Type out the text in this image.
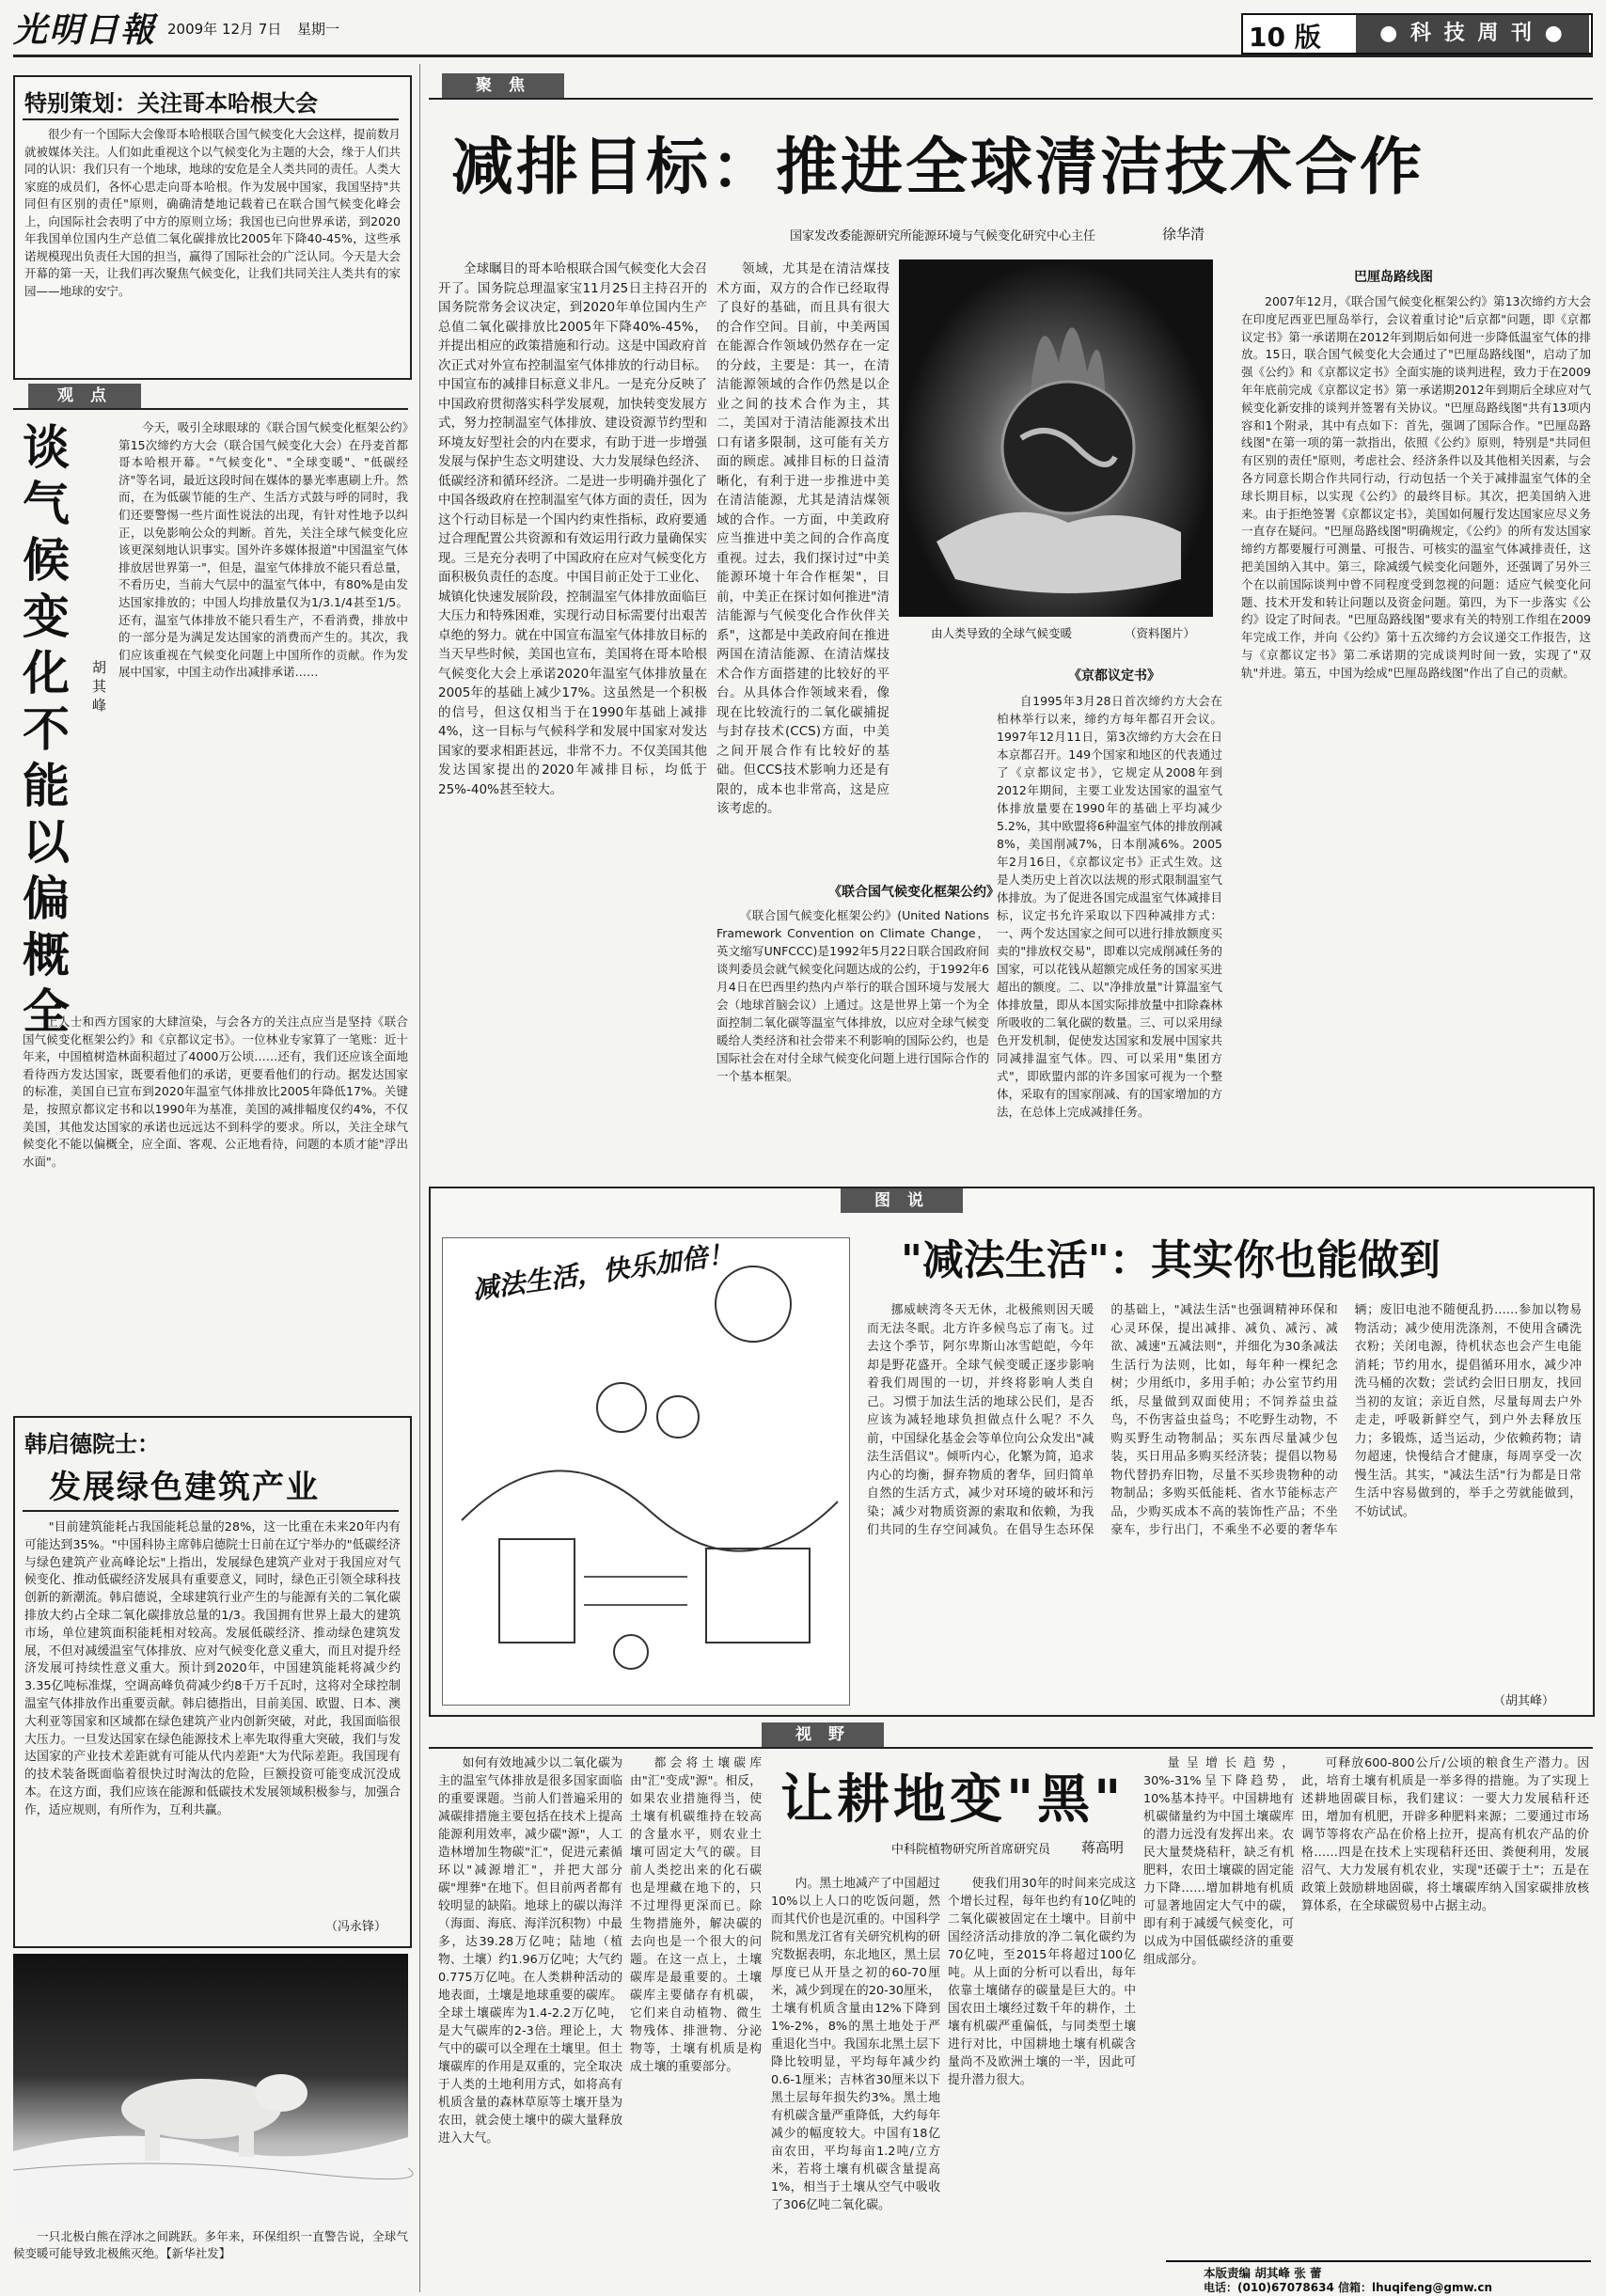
光明日報 2009年 12月 7日 星期一	10 版	● 科 技 周 刊 ●
特别策划：关注哥本哈根大会

很少有一个国际大会像哥本哈根联合国气候变化大会这样，提前数月就被媒体关注。人们如此重视这个以气候变化为主题的大会，缘于人们共同的认识：我们只有一个地球，地球的安危是全人类共同的责任。人类大家庭的成员们，各怀心思走向哥本哈根。作为发展中国家，我国坚持"共同但有区别的责任"原则，确确清楚地记载着已在联合国气候变化峰会上，向国际社会表明了中方的原则立场；我国也已向世界承诺，到2020年我国单位国内生产总值二氧化碳排放比2005年下降40-45%，这些承诺规模现出负责任大国的担当，赢得了国际社会的广泛认同。今天是大会开幕的第一天，让我们再次聚焦气候变化，让我们共同关注人类共有的家园——地球的安宁。

观 点
谈气候变化不能以偏概全
胡其峰

今天，吸引全球眼球的《联合国气候变化框架公约》第15次缔约方大会（联合国气候变化大会）在丹麦首都哥本哈根开幕。"气候变化"、"全球变暖"、"低碳经济"等名词，最近这段时间在媒体的暴光率惠刷上升。然而，在为低碳节能的生产、生活方式鼓与呼的同时，我们还要警惕一些片面性说法的出现，有针对性地予以纠正，以免影响公众的判断。首先，关注全球气候变化应该更深刻地认识事实。国外许多媒体报道"中国温室气体排放居世界第一"，但是，温室气体排放不能只看总量，不看历史，当前大气层中的温室气体中，有80%是由发达国家排放的；中国人均排放量仅为1/3.1/4甚至1/5。还有，温室气体排放不能只看生产，不看消费，排放中的一部分是为满足发达国家的消费而产生的。其次，我们应该重视在气候变化问题上中国所作的贡献。作为发展中国家，中国主动作出减排承诺……

上人士和西方国家的大肆渲染，与会各方的关注点应当是坚持《联合国气候变化框架公约》和《京都议定书》。一位林业专家算了一笔账：近十年来，中国植树造林面积超过了4000万公顷……还有，我们还应该全面地看待西方发达国家，既要看他们的承诺，更要看他们的行动。据发达国家的标准，美国自已宣布到2020年温室气体排放比2005年降低17%。关键是，按照京都议定书和以1990年为基准，美国的减排幅度仅约4%，不仅美国，其他发达国家的承诺也远远达不到科学的要求。所以，关注全球气候变化不能以偏概全，应全面、客观、公正地看待，问题的本质才能"浮出水面"。

韩启德院士：
发展绿色建筑产业

"目前建筑能耗占我国能耗总量的28%，这一比重在未来20年内有可能达到35%。"中国科协主席韩启德院士日前在辽宁举办的"低碳经济与绿色建筑产业高峰论坛"上指出，发展绿色建筑产业对于我国应对气候变化、推动低碳经济发展具有重要意义，同时，绿色正引领全球科技创新的新潮流。韩启德说，全球建筑行业产生的与能源有关的二氧化碳排放大约占全球二氧化碳排放总量的1/3。我国拥有世界上最大的建筑市场，单位建筑面积能耗相对较高。发展低碳经济、推动绿色建筑发展，不但对减缓温室气体排放、应对气候变化意义重大，而且对提升经济发展可持续性意义重大。预计到2020年，中国建筑能耗将减少约3.35亿吨标准煤，空调高峰负荷减少约8千万千瓦时，这将对全球控制温室气体排放作出重要贡献。韩启德指出，目前美国、欧盟、日本、澳大利亚等国家和区域都在绿色建筑产业内创新突破，对此，我国面临很大压力。一旦发达国家在绿色能源技术上率先取得重大突破，我们与发达国家的产业技术差距就有可能从代内差距"大为代际差距。我国现有的技术装备既面临着很快过时淘汰的危险，巨额投资可能变成沉没成本。在这方面，我们应该在能源和低碳技术发展领域积极参与，加强合作，适应规则，有所作为，互利共赢。

（冯永锋）

一只北极白熊在浮冰之间跳跃。多年来，环保组织一直警告说，全球气候变暖可能导致北极熊灭绝。【新华社发】

聚 焦
减排目标：推进全球清洁技术合作
国家发改委能源研究所能源环境与气候变化研究中心主任	徐华清

全球瞩目的哥本哈根联合国气候变化大会召开了。国务院总理温家宝11月25日主持召开的国务院常务会议决定，到2020年单位国内生产总值二氧化碳排放比2005年下降40%-45%，并提出相应的政策措施和行动。这是中国政府首次正式对外宣布控制温室气体排放的行动目标。中国宣布的减排目标意义非凡。一是充分反映了中国政府贯彻落实科学发展观，加快转变发展方式，努力控制温室气体排放、建设资源节约型和环境友好型社会的内在要求，有助于进一步增强发展与保护生态文明建设、大力发展绿色经济、低碳经济和循环经济。二是进一步明确并强化了中国各级政府在控制温室气体方面的责任，因为这个行动目标是一个国内约束性指标，政府要通过合理配置公共资源和有效运用行政力量确保实现。三是充分表明了中国政府在应对气候变化方面积极负责任的态度。中国目前正处于工业化、城镇化快速发展阶段，控制温室气体排放面临巨大压力和特殊困难，实现行动目标需要付出艰苦卓绝的努力。就在中国宣布温室气体排放目标的当天早些时候，美国也宣布，美国将在哥本哈根气候变化大会上承诺2020年温室气体排放量在2005年的基础上减少17%。这虽然是一个积极的信号，但这仅相当于在1990年基础上减排4%，这一目标与气候科学和发展中国家对发达国家的要求相距甚远，非常不力。不仅美国其他发达国家提出的2020年减排目标，均低于25%-40%甚至较大。

领域，尤其是在清洁煤技术方面，双方的合作已经取得了良好的基础，而且具有很大的合作空间。目前，中美两国在能源合作领域仍然存在一定的分歧，主要是：其一，在清洁能源领域的合作仍然是以企业之间的技术合作为主，其二，美国对于清洁能源技术出口有诸多限制，这可能有关方面的顾虑。减排目标的日益清晰化，有利于进一步推进中美在清洁能源，尤其是清洁煤领域的合作。一方面，中美政府应当推进中美之间的合作高度重视。过去，我们探讨过"中美能源环境十年合作框架"，目前，中美正在探讨如何推进"清洁能源与气候变化合作伙伴关系"，这都是中美政府间在推进两国在清洁能源、在清洁煤技术合作方面搭建的比较好的平台。从具体合作领域来看，像现在比较流行的二氧化碳捕捉与封存技术(CCS)方面，中美之间开展合作有比较好的基础。但CCS技术影响力还是有限的，成本也非常高，这是应该考虑的。

由人类导致的全球气候变暖	（资料图片）
《联合国气候变化框架公约》

《联合国气候变化框架公约》(United Nations Framework Convention on Climate Change，英文缩写UNFCCC)是1992年5月22日联合国政府间谈判委员会就气候变化问题达成的公约，于1992年6月4日在巴西里约热内卢举行的联合国环境与发展大会（地球首脑会议）上通过。这是世界上第一个为全面控制二氧化碳等温室气体排放，以应对全球气候变暖给人类经济和社会带来不利影响的国际公约，也是国际社会在对付全球气候变化问题上进行国际合作的一个基本框架。

《京都议定书》

自1995年3月28日首次缔约方大会在柏林举行以来，缔约方每年都召开会议。1997年12月11日，第3次缔约方大会在日本京都召开。149个国家和地区的代表通过了《京都议定书》，它规定从2008年到2012年期间，主要工业发达国家的温室气体排放量要在1990年的基础上平均减少5.2%，其中欧盟将6种温室气体的排放削减8%，美国削减7%，日本削减6%。2005年2月16日，《京都议定书》正式生效。这是人类历史上首次以法规的形式限制温室气体排放。为了促进各国完成温室气体减排目标，议定书允许采取以下四种减排方式：一、两个发达国家之间可以进行排放额度买卖的"排放权交易"，即难以完成削减任务的国家，可以花钱从超额完成任务的国家买进超出的额度。二、以"净排放量"计算温室气体排放量，即从本国实际排放量中扣除森林所吸收的二氧化碳的数量。三、可以采用绿色开发机制，促使发达国家和发展中国家共同减排温室气体。四、可以采用"集团方式"，即欧盟内部的许多国家可视为一个整体，采取有的国家削减、有的国家增加的方法，在总体上完成减排任务。

巴厘岛路线图

2007年12月，《联合国气候变化框架公约》第13次缔约方大会在印度尼西亚巴厘岛举行，会议着重讨论"后京都"问题，即《京都议定书》第一承诺期在2012年到期后如何进一步降低温室气体的排放。15日，联合国气候变化大会通过了"巴厘岛路线图"，启动了加强《公约》和《京都议定书》全面实施的谈判进程，致力于在2009年年底前完成《京都议定书》第一承诺期2012年到期后全球应对气候变化新安排的谈判并签署有关协议。"巴厘岛路线图"共有13项内容和1个附录，其中有点如下：首先，强调了国际合作。"巴厘岛路线图"在第一项的第一款指出，依照《公约》原则，特别是"共同但有区别的责任"原则，考虑社会、经济条件以及其他相关因素，与会各方同意长期合作共同行动，行动包括一个关于减排温室气体的全球长期目标，以实现《公约》的最终目标。其次，把美国纳入进来。由于拒绝签署《京都议定书》，美国如何履行发达国家应尽义务一直存在疑问。"巴厘岛路线图"明确规定，《公约》的所有发达国家缔约方都要履行可测量、可报告、可核实的温室气体减排责任，这把美国纳入其中。第三，除减缓气候变化问题外，还强调了另外三个在以前国际谈判中曾不同程度受到忽视的问题：适应气候变化问题、技术开发和转让问题以及资金问题。第四，为下一步落实《公约》设定了时间表。"巴厘岛路线图"要求有关的特别工作组在2009年完成工作，并向《公约》第十五次缔约方会议递交工作报告，这与《京都议定书》第二承诺期的完成谈判时间一致，实现了"双轨"并进。第五，中国为绘成"巴厘岛路线图"作出了自己的贡献。

图 说
"减法生活"：其实你也能做到
减法生活，快乐加倍！

挪威峡湾冬天无休，北极熊则因天暖而无法冬眠。北方许多候鸟忘了南飞。过去这个季节，阿尔卑斯山冰雪皑皑，今年却是野花盛开。全球气候变暖正逐步影响着我们周围的一切，并终将影响人类自己。习惯于加法生活的地球公民们，是否应该为减轻地球负担做点什么呢？不久前，中国绿化基金会等单位向公众发出"减法生活倡议"。倾听内心，化繁为简，追求内心的均衡，摒弃物质的奢华，回归简单自然的生活方式，减少对环境的破坏和污染；减少对物质资源的索取和依赖，为我们共同的生存空间减负。在倡导生态环保的基础上，"减法生活"也强调精神环保和心灵环保，提出减排、减负、减污、减欲、减速"五减法则"，并细化为30条减法生活行为法则，比如，每年种一棵纪念树；少用纸巾，多用手帕；办公室节约用纸，尽量做到双面使用；不饲养益虫益鸟，不伤害益虫益鸟；不吃野生动物，不购买野生动物制品；买东西尽量减少包装，买日用品多购买经济装；提倡以物易物代替扔弃旧物，尽量不买珍贵物种的动物制品；多购买低能耗、省水节能标志产品，少购买成本不高的装饰性产品；不坐豪车，步行出门，不乘坐不必要的奢华车辆；废旧电池不随便乱扔……参加以物易物活动；减少使用洗涤剂，不使用含磷洗衣粉；关闭电源，待机状态也会产生电能消耗；节约用水，提倡循环用水，减少冲洗马桶的次数；尝试约会旧日朋友，找回当初的友谊；亲近自然，尽量每周去户外走走，呼吸新鲜空气，到户外去释放压力；多锻炼，适当运动，少依赖药物；请勿超速，快慢结合才健康，每周享受一次慢生活。其实，"减法生活"行为都是日常生活中容易做到的，举手之劳就能做到，不妨试试。

（胡其峰）
视 野

如何有效地减少以二氧化碳为主的温室气体排放是很多国家面临的重要课题。当前人们普遍采用的减碳排措施主要包括在技术上提高能源利用效率，减少碳"源"，人工造林增加生物碳"汇"，促进元素循环以"减源增汇"，并把大部分碳"埋葬"在地下。但目前两者都有较明显的缺陷。地球上的碳以海洋（海面、海底、海洋沉积物）中最多，达39.28万亿吨；陆地（植物、土壤）约1.96万亿吨；大气约0.775万亿吨。在人类耕种活动的地表面，土壤是地球重要的碳库。全球土壤碳库为1.4-2.2万亿吨，是大气碳库的2-3倍。理论上，大气中的碳可以全理在土壤里。但土壤碳库的作用是双重的，完全取决于人类的土地利用方式，如将高有机质含量的森林草原等土壤开垦为农田，就会使土壤中的碳大量释放进入大气。

都会将土壤碳库由"汇"变成"源"。相反，如果农业措施得当，使土壤有机碳维持在较高的含量水平，则农业土壤可固定大气的碳。目前人类挖出来的化石碳也是埋藏在地下的，只不过埋得更深而已。除生物措施外，解决碳的去向也是一个很大的问题。在这一点上，土壤碳库是最重要的。土壤碳库主要储存有机碳，它们来自动植物、微生物残体、排泄物、分泌物等，土壤有机质是构成土壤的重要部分。

让耕地变"黑"
中科院植物研究所首席研究员 蒋高明

内。黑土地减产了中国超过10%以上人口的吃饭问题，然而其代价也是沉重的。中国科学院和黑龙江省有关研究机构的研究数据表明，东北地区，黑土层厚度已从开垦之初的60-70厘米，减少到现在的20-30厘米，土壤有机质含量由12%下降到1%-2%，8%的黑土地处于严重退化当中。我国东北黑土层下降比较明显，平均每年减少约0.6-1厘米；吉林省30厘米以下黑土层每年损失约3%。黑土地有机碳含量严重降低，大约每年减少的幅度较大。中国有18亿亩农田，平均每亩1.2吨/立方米，若将土壤有机碳含量提高1%，相当于土壤从空气中吸收了306亿吨二氧化碳。

使我们用30年的时间来完成这个增长过程，每年也约有10亿吨的二氧化碳被固定在土壤中。目前中国经济活动排放的净二氧化碳约为70亿吨，至2015年将超过100亿吨。从上面的分析可以看出，每年依靠土壤储存的碳量是巨大的。中国农田土壤经过数千年的耕作，土壤有机碳严重偏低，与同类型土壤进行对比，中国耕地土壤有机碳含量尚不及欧洲土壤的一半，因此可提升潜力很大。

量呈增长趋势，30%-31%呈下降趋势，10%基本持平。中国耕地有机碳储量约为中国土壤碳库的潜力远没有发挥出来。农民大量焚烧秸秆，缺乏有机肥料，农田土壤碳的固定能力下降……增加耕地有机质可显著地固定大气中的碳，即有利于减缓气候变化，可以成为中国低碳经济的重要组成部分。

可释放600-800公斤/公顷的粮食生产潜力。因此，培育土壤有机质是一举多得的措施。为了实现上述耕地固碳目标，我们建议：一要大力发展秸秆还田，增加有机肥，开辟多种肥料来源；二要通过市场调节等将农产品在价格上拉开，提高有机农产品的价格……四是在技术上实现秸秆还田、粪便利用，发展沼气、大力发展有机农业，实现"还碳于土"；五是在政策上鼓励耕地固碳，将土壤碳库纳入国家碳排放核算体系，在全球碳贸易中占据主动。

本版责编 胡其峰 张 蕾
电话：(010)67078634 信箱：lhuqifeng@gmw.cn
